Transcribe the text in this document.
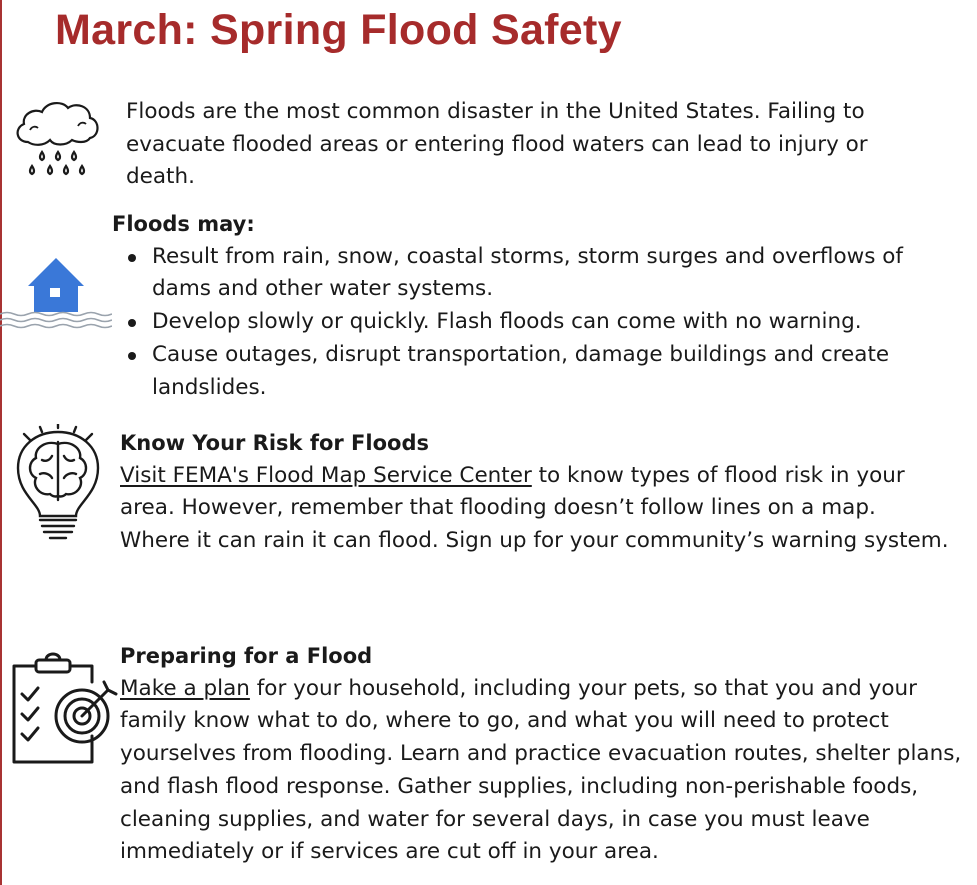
March: Spring Flood Safety

Floods are the most common disaster in the United States. Failing to evacuate flooded areas or entering flood waters can lead to injury or death.

Floods may:

Result from rain, snow, coastal storms, storm surges and overflows of dams and other water systems.
Develop slowly or quickly. Flash floods can come with no warning.
Cause outages, disrupt transportation, damage buildings and create landslides.

Know Your Risk for Floods

Visit FEMA's Flood Map Service Center to know types of flood risk in your area. However, remember that flooding doesn’t follow lines on a map. Where it can rain it can flood. Sign up for your community’s warning system.

Preparing for a Flood

Make a plan for your household, including your pets, so that you and your family know what to do, where to go, and what you will need to protect yourselves from flooding. Learn and practice evacuation routes, shelter plans, and flash flood response. Gather supplies, including non-perishable foods, cleaning supplies, and water for several days, in case you must leave immediately or if services are cut off in your area.
